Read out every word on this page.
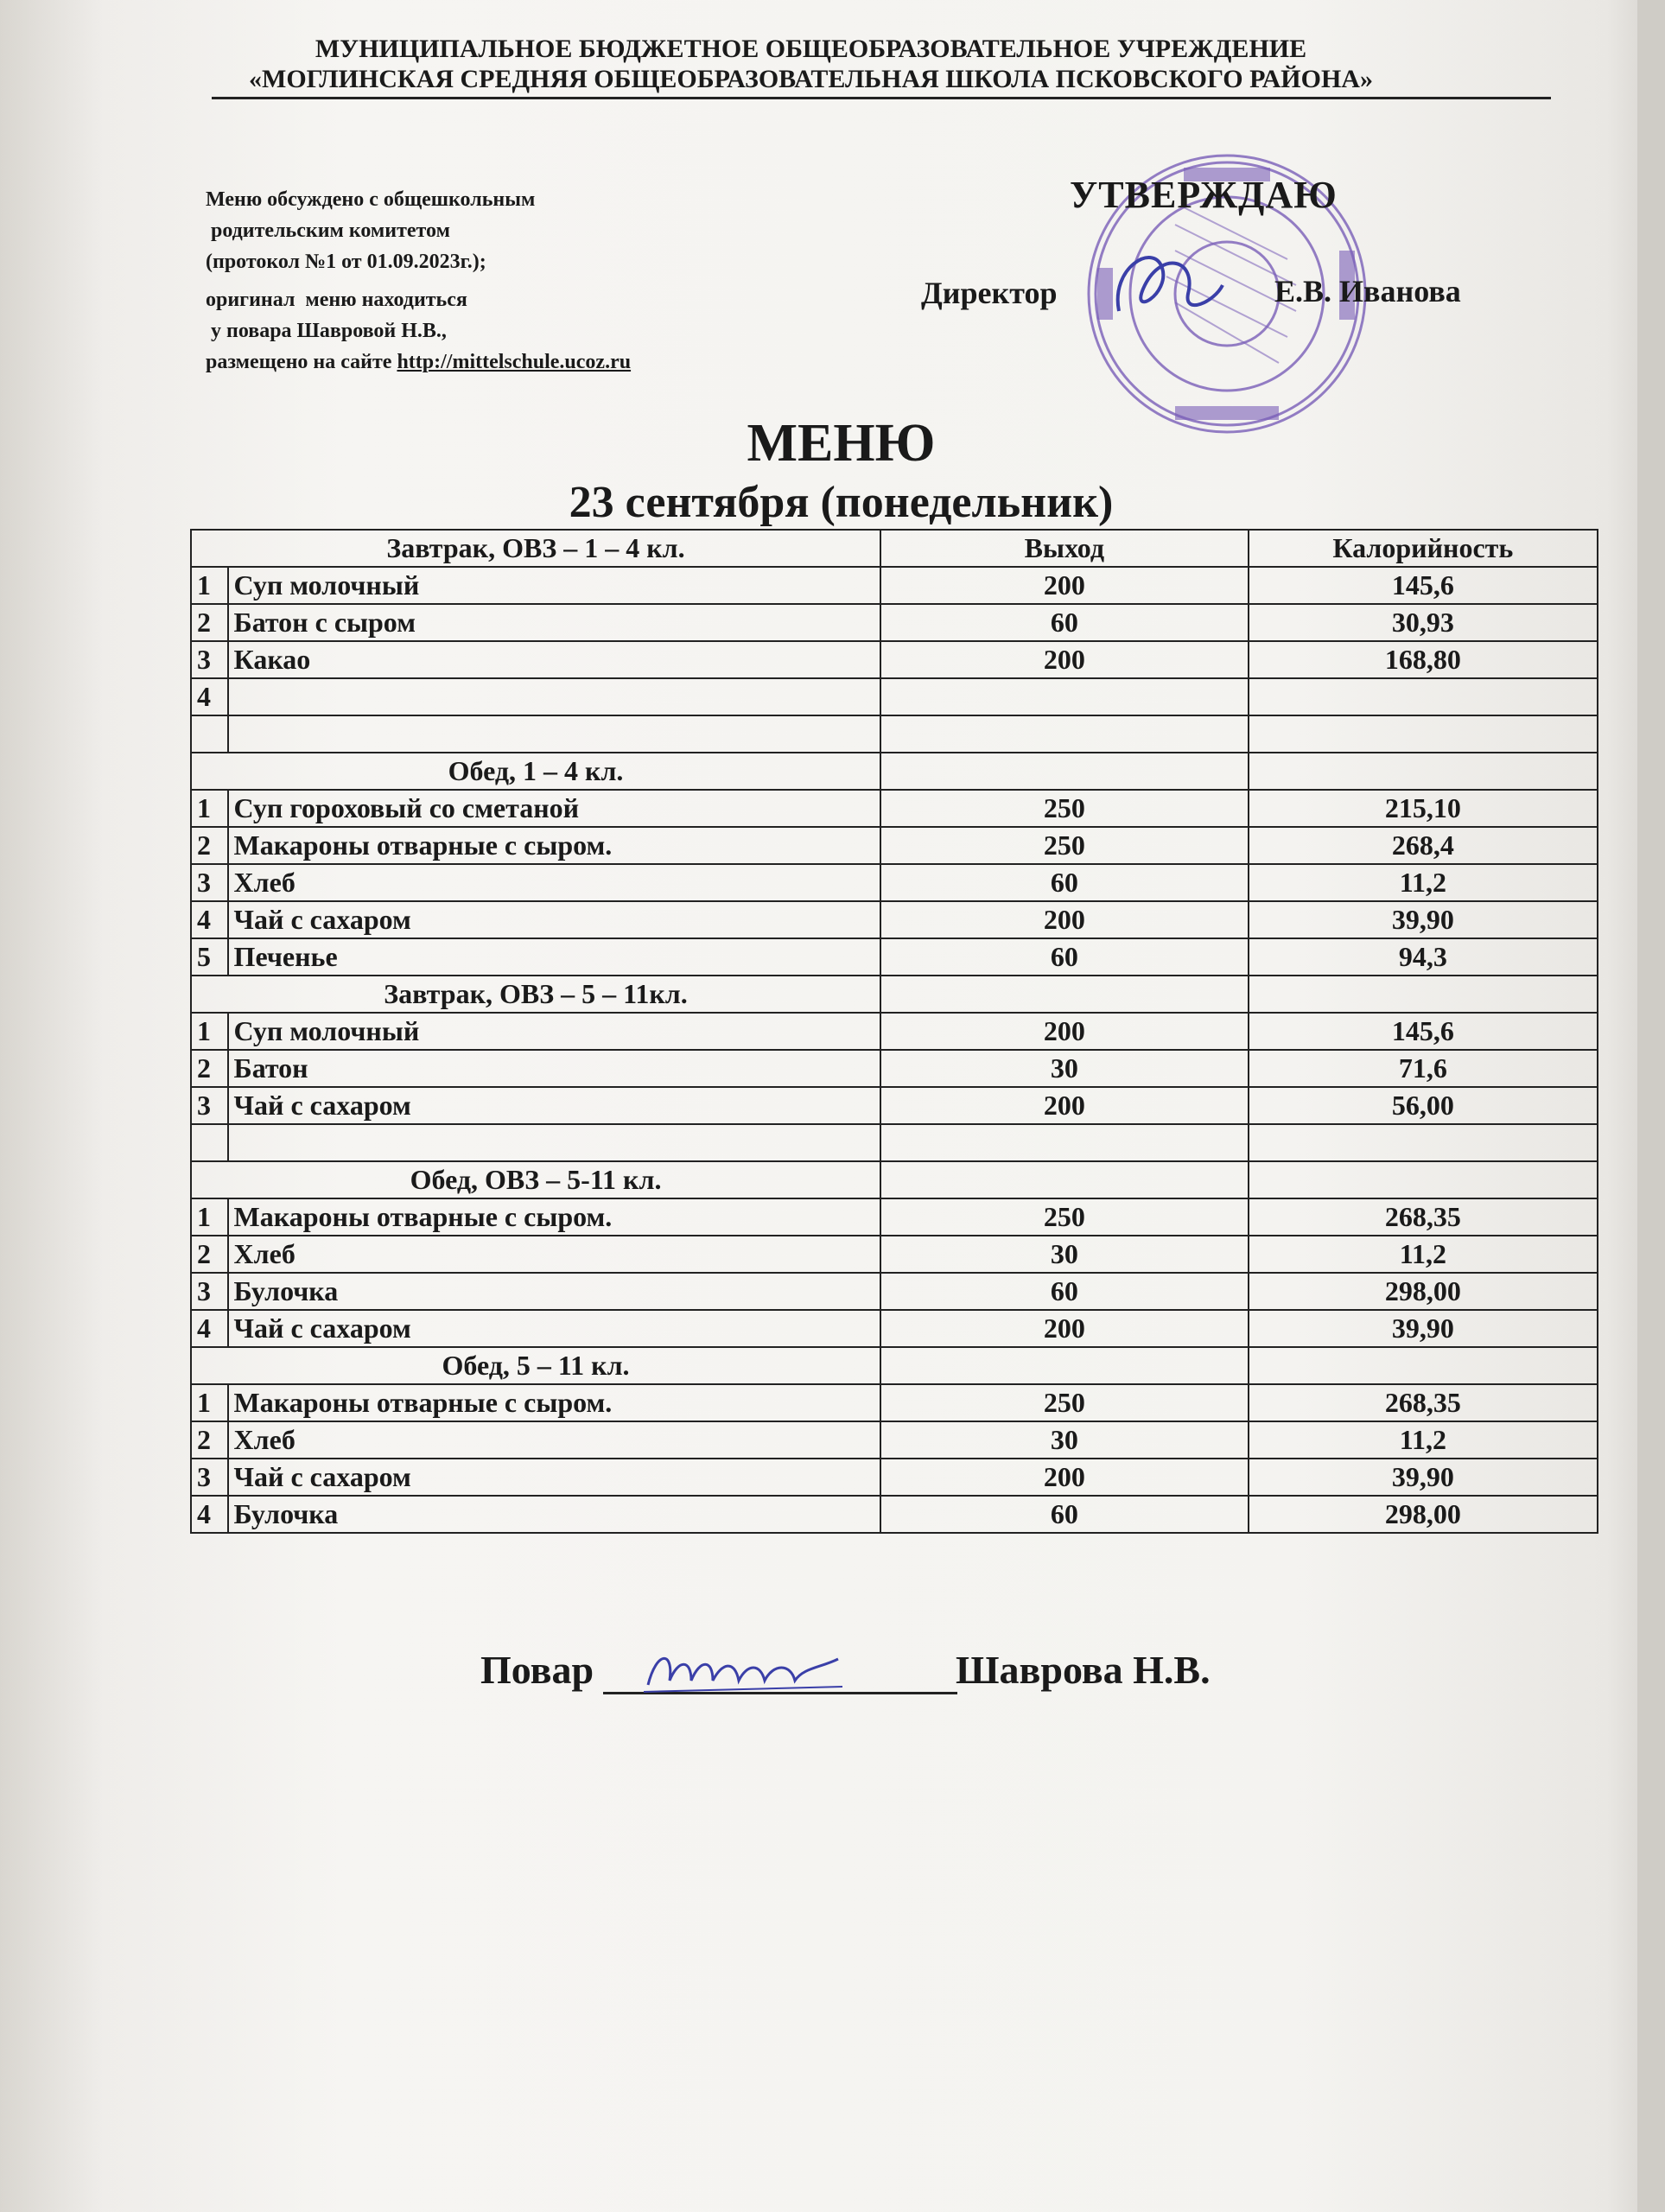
МУНИЦИПАЛЬНОЕ БЮДЖЕТНОЕ ОБЩЕОБРАЗОВАТЕЛЬНОЕ УЧРЕЖДЕНИЕ
«МОГЛИНСКАЯ СРЕДНЯЯ ОБЩЕОБРАЗОВАТЕЛЬНАЯ ШКОЛА ПСКОВСКОГО РАЙОНА»
Меню обсуждено с общешкольным
родительским комитетом
(протокол №1 от 01.09.2023г.);
оригинал  меню находиться
у повара Шавровой Н.В.,
размещено на сайте http://mittelschule.ucoz.ru
УТВЕРЖДАЮ
Директор	Е.В. Иванова
МЕНЮ
23 сентября (понедельник)
Завтрак, ОВЗ – 1 – 4 кл.		Выход	Калорийность
1	Суп молочный	200	145,6
2	Батон с сыром	60	30,93
3	Какао	200	168,80
4			

Обед, 1 – 4 кл.			
1	Суп гороховый со сметаной	250	215,10
2	Макароны отварные с сыром.	250	268,4
3	Хлеб	60	11,2
4	Чай с сахаром	200	39,90
5	Печенье	60	94,3
Завтрак, ОВЗ – 5 – 11кл.			
1	Суп молочный	200	145,6
2	Батон	30	71,6
3	Чай с сахаром	200	56,00

Обед, ОВЗ – 5-11 кл.			
1	Макароны отварные с сыром.	250	268,35
2	Хлеб	30	11,2
3	Булочка	60	298,00
4	Чай с сахаром	200	39,90
Обед, 5 – 11 кл.			
1	Макароны отварные с сыром.	250	268,35
2	Хлеб	30	11,2
3	Чай с сахаром	200	39,90
4	Булочка	60	298,00
Повар	Шаврова Н.В.
